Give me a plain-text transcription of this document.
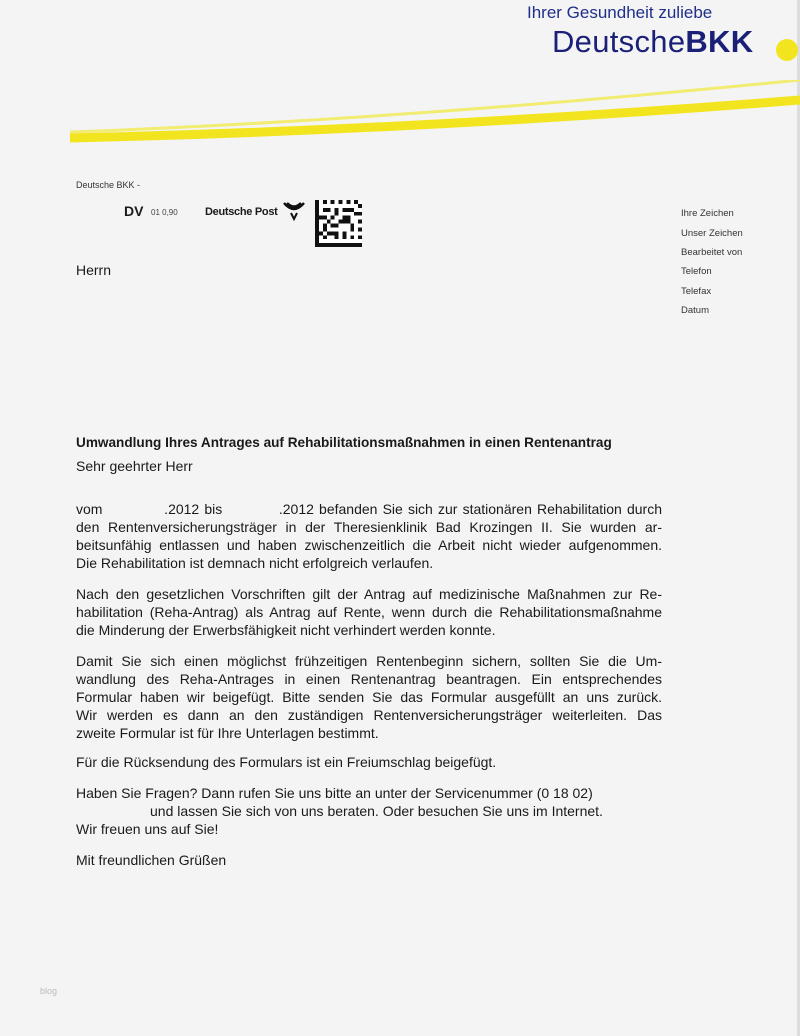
Ihrer Gesundheit zuliebe
DeutscheBKK
Deutsche BKK -
DV 01 0,90 Deutsche Post
Herrn
Ihre Zeichen
Unser Zeichen
Bearbeitet von
Telefon
Telefax
Datum
Umwandlung Ihres Antrages auf Rehabilitationsmaßnahmen in einen Rentenantrag
Sehr geehrter Herr
vom            .2012 bis           .2012 befanden Sie sich zur stationären Rehabilitation durch
den Rentenversicherungsträger in der Theresienklinik Bad Krozingen II. Sie wurden ar-
beitsunfähig entlassen und haben zwischenzeitlich die Arbeit nicht wieder aufgenommen.
Die Rehabilitation ist demnach nicht erfolgreich verlaufen.
Nach den gesetzlichen Vorschriften gilt der Antrag auf medizinische Maßnahmen zur Re-
habilitation (Reha-Antrag) als Antrag auf Rente, wenn durch die Rehabilitationsmaßnahme
die Minderung der Erwerbsfähigkeit nicht verhindert werden konnte.
Damit Sie sich einen möglichst frühzeitigen Rentenbeginn sichern, sollten Sie die Um-
wandlung des Reha-Antrages in einen Rentenantrag beantragen. Ein entsprechendes
Formular haben wir beigefügt. Bitte senden Sie das Formular ausgefüllt an uns zurück.
Wir werden es dann an den zuständigen Rentenversicherungsträger weiterleiten. Das
zweite Formular ist für Ihre Unterlagen bestimmt.
Für die Rücksendung des Formulars ist ein Freiumschlag beigefügt.
Haben Sie Fragen? Dann rufen Sie uns bitte an unter der Servicenummer (0 18 02)
und lassen Sie sich von uns beraten. Oder besuchen Sie uns im Internet.
Wir freuen uns auf Sie!
Mit freundlichen Grüßen
blog
